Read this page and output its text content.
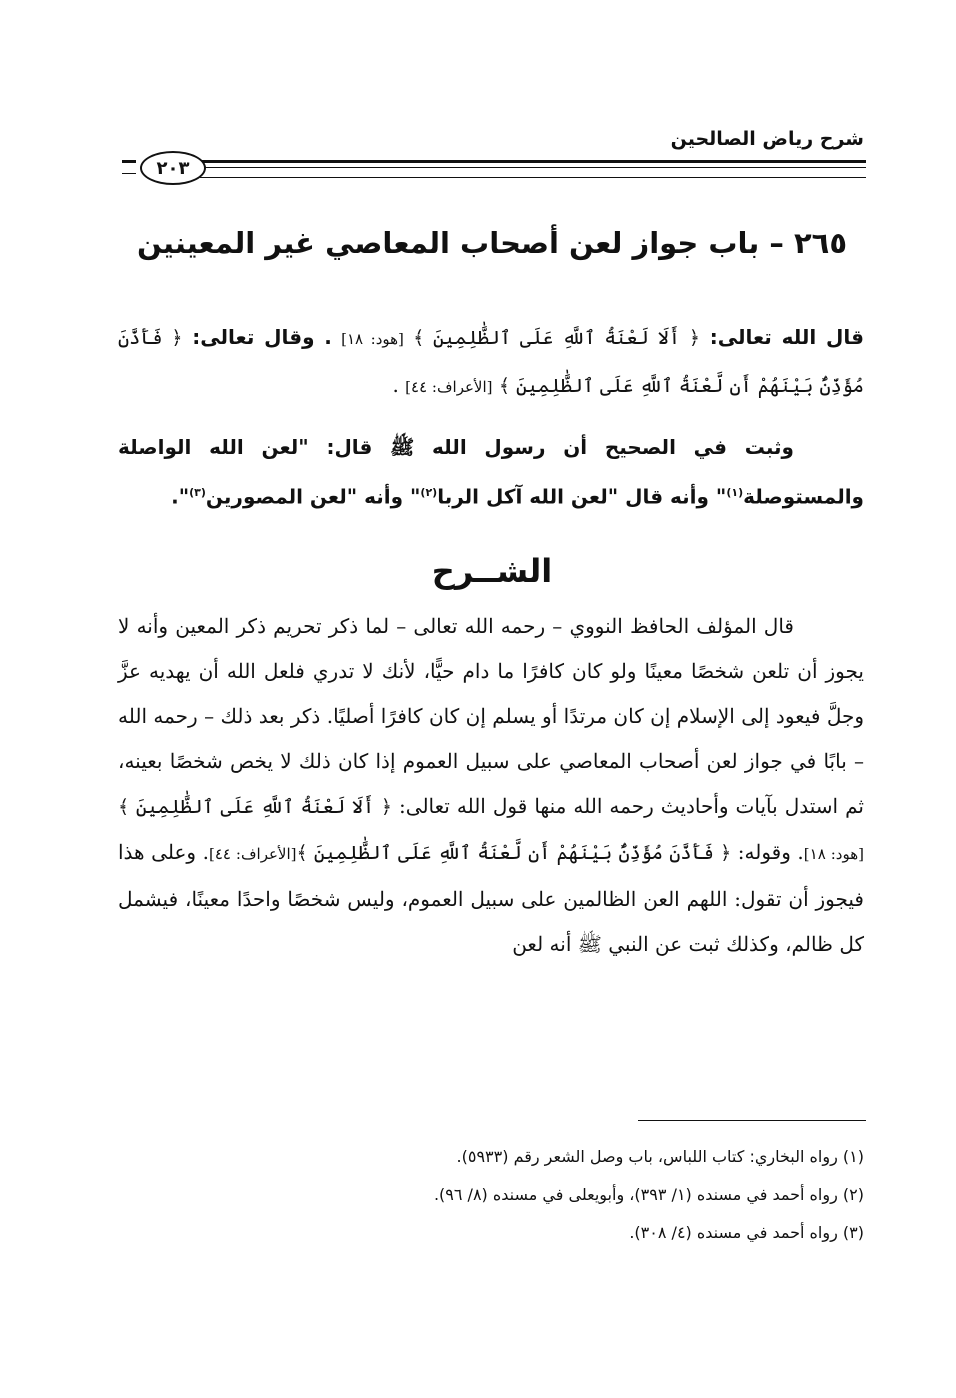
شرح رياض الصالحين
٢٠٣
٢٦٥ – باب جواز لعن أصحاب المعاصي غير المعينين
قال الله تعالى: ﴿ أَلَا لَعْنَةُ ٱللَّهِ عَلَى ٱلظَّٰلِمِينَ ﴾ [هود: ١٨] . وقال تعالى: ﴿ فَأَذَّنَ مُؤَذِّنٌۢ بَيْنَهُمْ أَن لَّعْنَةُ ٱللَّهِ عَلَى ٱلظَّٰلِمِينَ ﴾ [الأعراف: ٤٤] .
وثبت في الصحيح أن رسول الله ﷺ قال: "لعن الله الواصلة والمستوصلة$^{(١)}$" وأنه قال "لعن الله آكل الربا$^{(٢)}$" وأنه "لعن المصورين$^{(٣)}$".
الشــرح
قال المؤلف الحافظ النووي – رحمه الله تعالى – لما ذكر تحريم ذكر المعين وأنه لا يجوز أن تلعن شخصًا معينًا ولو كان كافرًا ما دام حيًّا، لأنك لا تدري فلعل الله أن يهديه عزَّ وجلَّ فيعود إلى الإسلام إن كان مرتدًا أو يسلم إن كان كافرًا أصليًا. ذكر بعد ذلك – رحمه الله – بابًا في جواز لعن أصحاب المعاصي على سبيل العموم إذا كان ذلك لا يخص شخصًا بعينه، ثم استدل بآيات وأحاديث رحمه الله منها قول الله تعالى: ﴿ أَلَا لَعْنَةُ ٱللَّهِ عَلَى ٱلظَّٰلِمِينَ ﴾[هود: ١٨]. وقوله: ﴿ فَأَذَّنَ مُؤَذِّنٌۢ بَيْنَهُمْ أَن لَّعْنَةُ ٱللَّهِ عَلَى ٱلظَّٰلِمِينَ ﴾[الأعراف: ٤٤]. وعلى هذا فيجوز أن تقول: اللهم العن الظالمين على سبيل العموم، وليس شخصًا واحدًا معينًا، فيشمل كل ظالم، وكذلك ثبت عن النبي ﷺ أنه لعن
(١) رواه البخاري: كتاب اللباس، باب وصل الشعر رقم (٥٩٣٣).
(٢) رواه أحمد في مسنده (١/ ٣٩٣)، وأبويعلى في مسنده (٨/ ٩٦).
(٣) رواه أحمد في مسنده (٤/ ٣٠٨).
